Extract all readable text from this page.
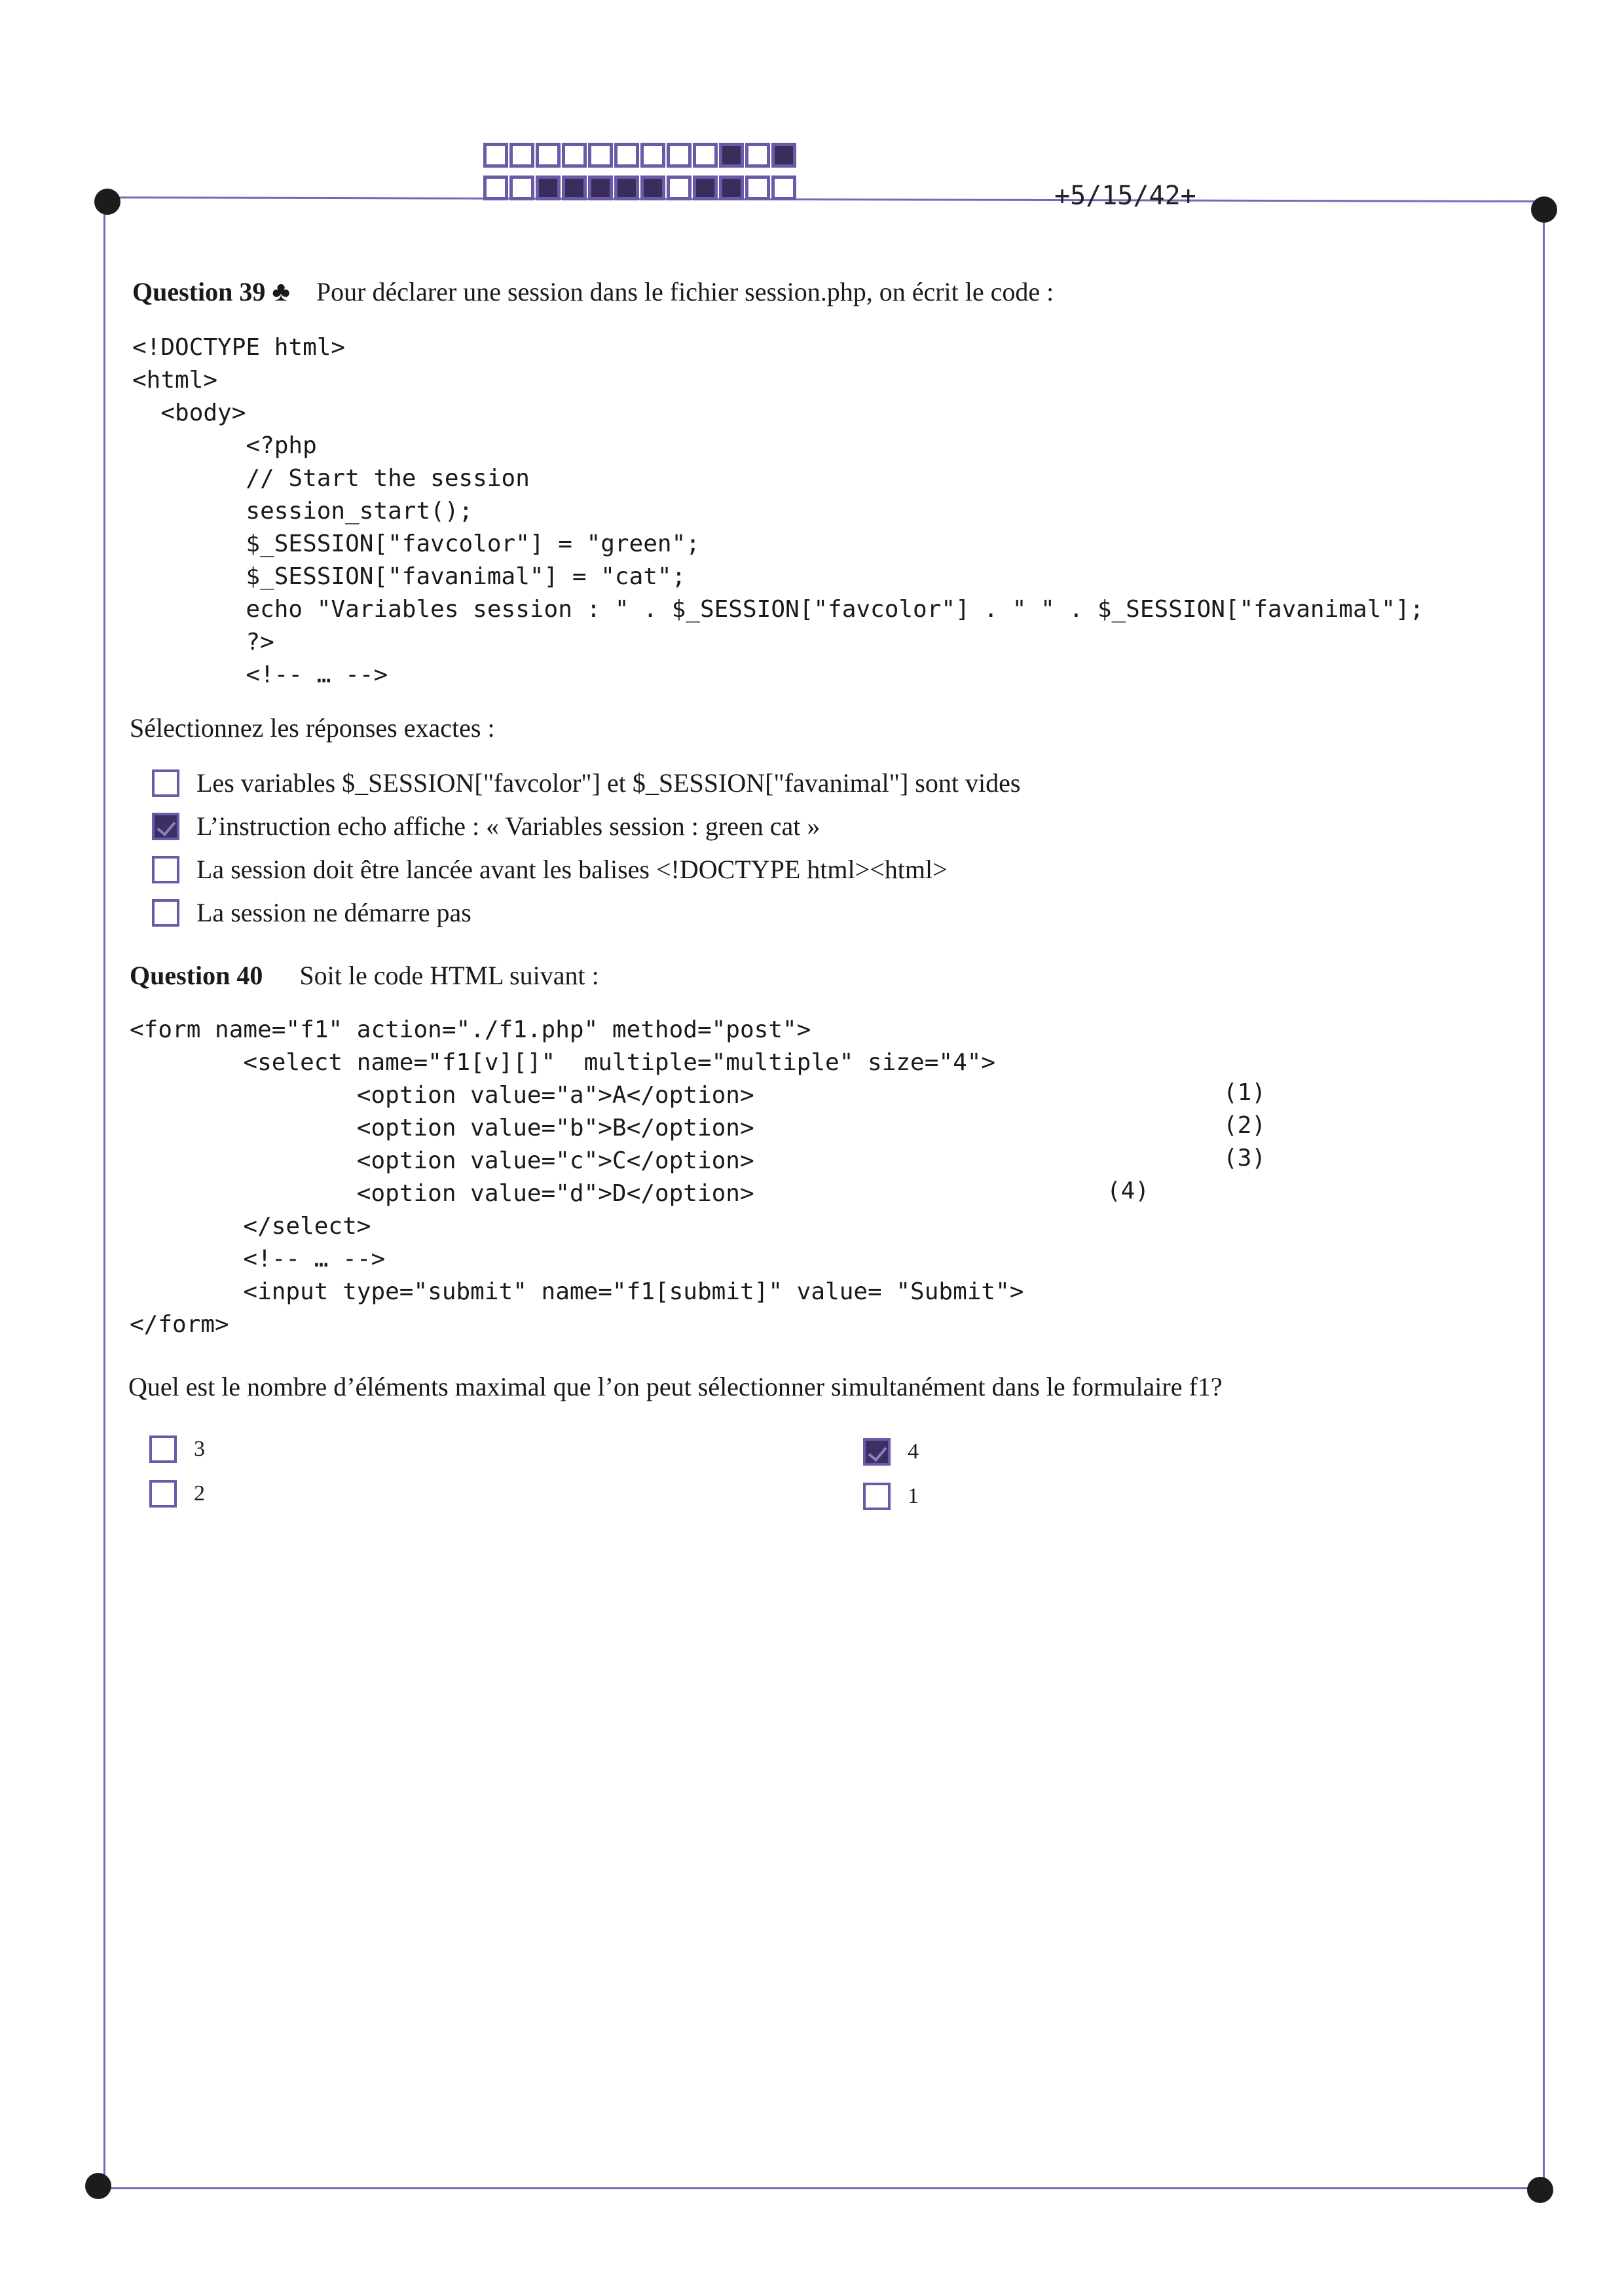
+5/15/42+
Question 39 ♣ Pour déclarer une session dans le fichier session.php, on écrit le code :
<!DOCTYPE html>
<html>
<body>
<?php
// Start the session
session_start();
$_SESSION["favcolor"] = "green";
$_SESSION["favanimal"] = "cat";
echo "Variables session : " . $_SESSION["favcolor"] . " " . $_SESSION["favanimal"];
?>
<!-- … -->
Sélectionnez les réponses exactes :
Les variables $_SESSION["favcolor"] et $_SESSION["favanimal"] sont vides
L’instruction echo affiche : « Variables session : green cat »
La session doit être lancée avant les balises <!DOCTYPE html><html>
La session ne démarre pas
Question 40 Soit le code HTML suivant :
<form name="f1" action="./f1.php" method="post">
<select name="f1[v][]"  multiple="multiple" size="4">
<option value="a">A</option>
<option value="b">B</option>
<option value="c">C</option>
<option value="d">D</option>
</select>
<!-- … -->
<input type="submit" name="f1[submit]" value= "Submit">
</form>
(1)
(2)
(3)
(4)
Quel est le nombre d’éléments maximal que l’on peut sélectionner simultanément dans le formulaire f1?
3	4
2	1
